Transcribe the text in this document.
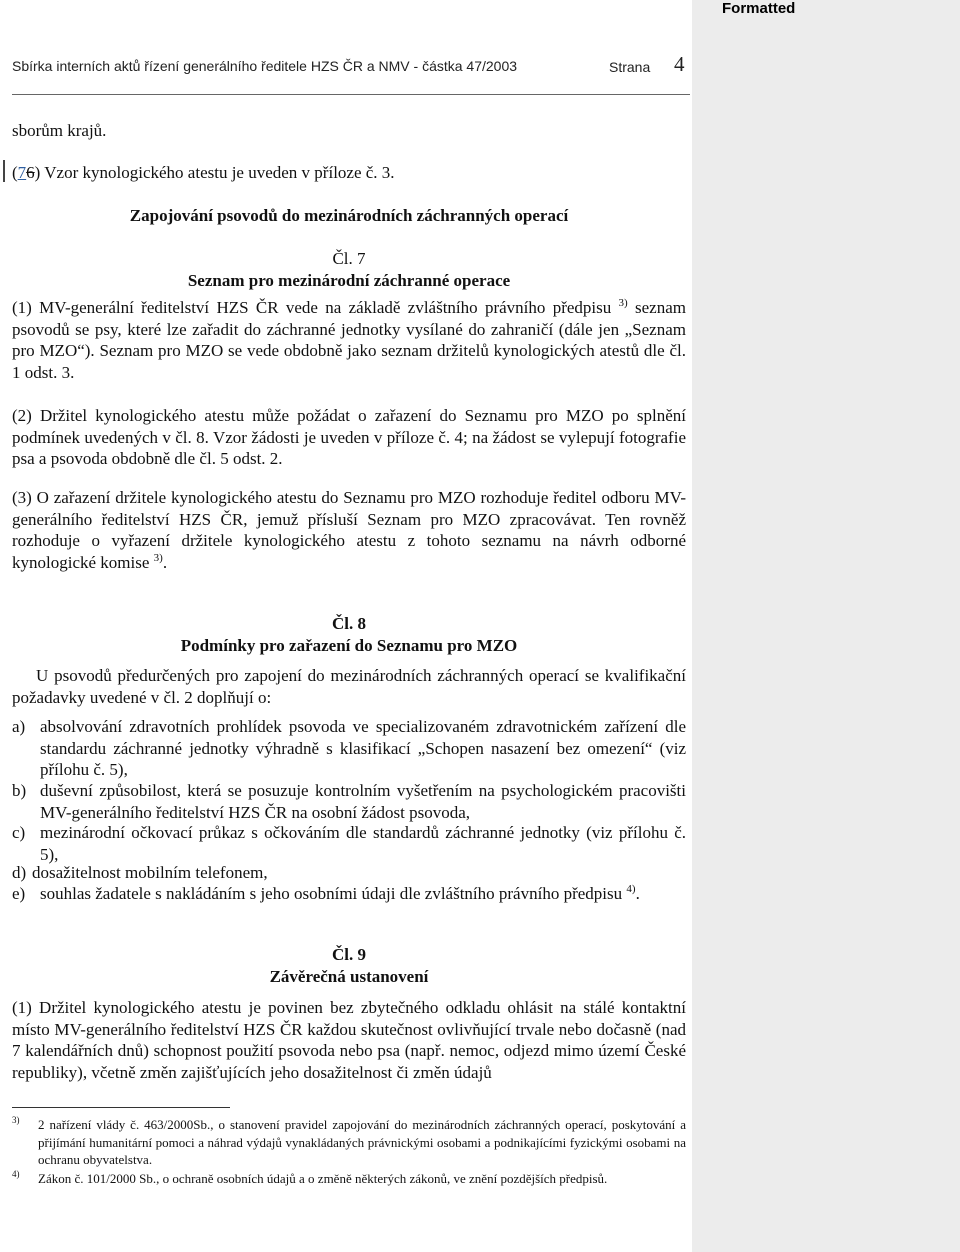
Formatted
Sbírka interních aktů řízení generálního ředitele HZS ČR a NMV - částka 47/2003	Strana 4

sborům krajů.

(76) Vzor kynologického atestu je uveden v příloze č. 3.

Zapojování psovodů do mezinárodních záchranných operací

Čl. 7

Seznam pro mezinárodní záchranné operace

(1) MV-generální ředitelství HZS ČR vede na základě zvláštního právního předpisu $^{3)}$ seznam psovodů se psy, které lze zařadit do záchranné jednotky vysílané do zahraničí (dále jen „Seznam pro MZO“). Seznam pro MZO se vede obdobně jako seznam držitelů kynologických atestů dle čl. 1 odst. 3.

(2) Držitel kynologického atestu může požádat o zařazení do Seznamu pro MZO po splnění podmínek uvedených v čl. 8. Vzor žádosti je uveden v příloze č. 4; na žádost se vylepují fotografie psa a psovoda obdobně dle čl. 5 odst. 2.

(3) O zařazení držitele kynologického atestu do Seznamu pro MZO rozhoduje ředitel odboru MV-generálního ředitelství HZS ČR, jemuž přísluší Seznam pro MZO zpracovávat. Ten rovněž rozhoduje o vyřazení držitele kynologického atestu z tohoto seznamu na návrh odborné kynologické komise $^{3)}$.

Čl. 8

Podmínky pro zařazení do Seznamu pro MZO

U psovodů předurčených pro zapojení do mezinárodních záchranných operací se kvalifikační požadavky uvedené v čl. 2 doplňují o:

a) absolvování zdravotních prohlídek psovoda ve specializovaném zdravotnickém zařízení dle standardu záchranné jednotky výhradně s klasifikací „Schopen nasazení bez omezení“ (viz přílohu č. 5),
b) duševní způsobilost, která se posuzuje kontrolním vyšetřením na psychologickém pracovišti MV-generálního ředitelství HZS ČR na osobní žádost psovoda,
c) mezinárodní očkovací průkaz s očkováním dle standardů záchranné jednotky (viz přílohu č. 5),
d) dosažitelnost mobilním telefonem,
e) souhlas žadatele s nakládáním s jeho osobními údaji dle zvláštního právního předpisu $^{4)}$.

Čl. 9

Závěrečná ustanovení

(1) Držitel kynologického atestu je povinen bez zbytečného odkladu ohlásit na stálé kontaktní místo MV-generálního ředitelství HZS ČR každou skutečnost ovlivňující trvale nebo dočasně (nad 7 kalendářních dnů) schopnost použití psovoda nebo psa (např. nemoc, odjezd mimo území České republiky), včetně změn zajišťujících jeho dosažitelnost či změn údajů

3) 2 nařízení vlády č. 463/2000Sb., o stanovení pravidel zapojování do mezinárodních záchranných operací, poskytování a přijímání humanitární pomoci a náhrad výdajů vynakládaných právnickými osobami a podnikajícími fyzickými osobami na ochranu obyvatelstva.
4) Zákon č. 101/2000 Sb., o ochraně osobních údajů a o změně některých zákonů, ve znění pozdějších předpisů.
